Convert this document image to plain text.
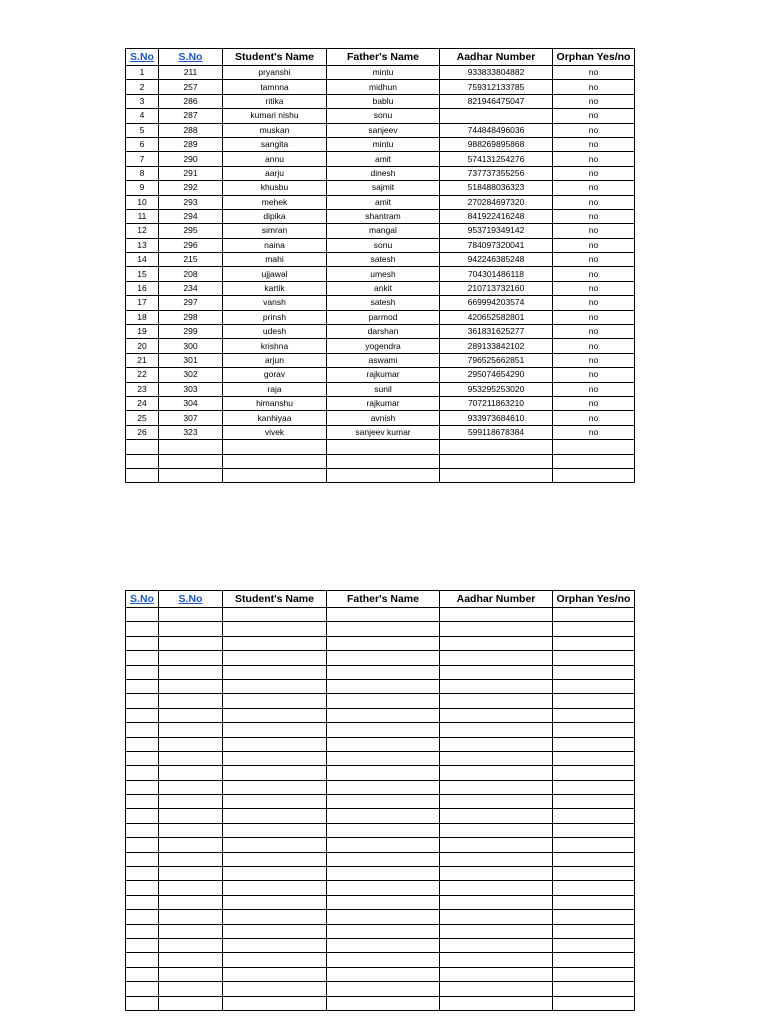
S.No	S.No	Student's Name	Father's Name	Aadhar Number	Orphan Yes/no
1	211	pryanshi	mintu	933833804882	no
2	257	tamnna	midhun	759312133785	no
3	286	ritika	bablu	821946475047	no
4	287	kumari nishu	sonu		no
5	288	muskan	sanjeev	744848496036	no
6	289	sangita	mintu	988269895868	no
7	290	annu	amit	574131254276	no
8	291	aarju	dinesh	737737355256	no
9	292	khusbu	sajmit	518488036323	no
10	293	mehek	amit	270284697320	no
11	294	dipika	shantram	841922416248	no
12	295	simran	mangal	953719349142	no
13	296	naina	sonu	784097320041	no
14	215	mahi	satesh	942246385248	no
15	208	ujjawal	umesh	704301486118	no
16	234	kartik	ankit	210713732160	no
17	297	vansh	satesh	669994203574	no
18	298	prinsh	parmod	420652582801	no
19	299	udesh	darshan	361831625277	no
20	300	krishna	yogendra	289133842102	no
21	301	arjun	aswami	796525662851	no
22	302	gorav	rajkumar	295074654290	no
23	303	raja	sunil	953295253020	no
24	304	himanshu	rajkumar	707211863210	no
25	307	kanhiyaa	avnish	933973684610	no
26	323	vivek	sanjeev kumar	599118678384	no

S.No	S.No	Student's Name	Father's Name	Aadhar Number	Orphan Yes/no
